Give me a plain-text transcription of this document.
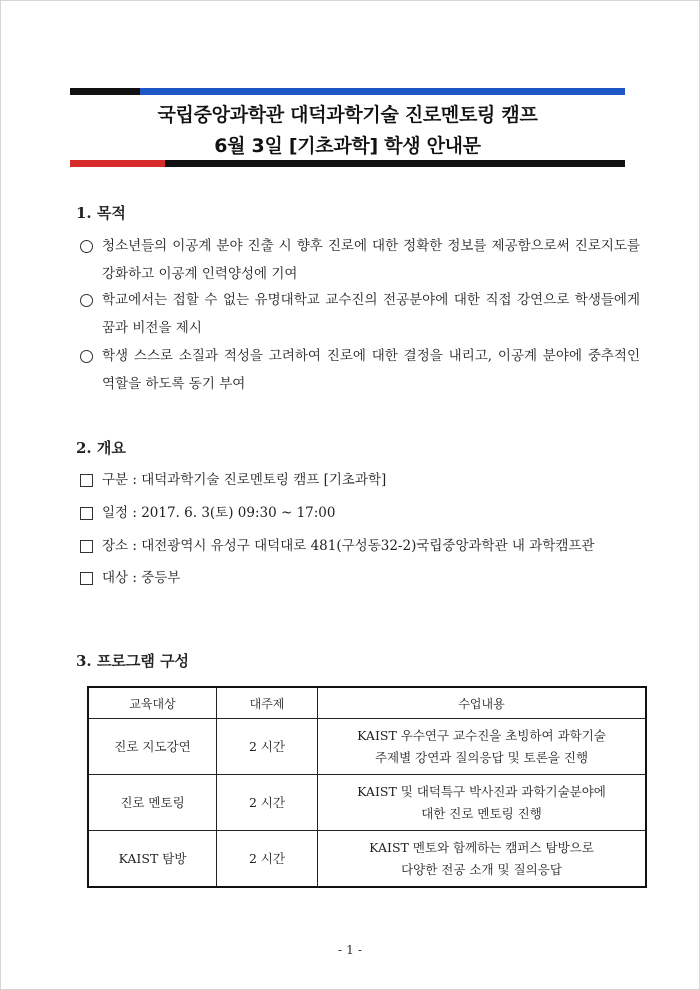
국립중앙과학관 대덕과학기술 진로멘토링 캠프
6월 3일 [기초과학] 학생 안내문
1. 목적
청소년들의 이공계 분야 진출 시 향후 진로에 대한 정확한 정보를 제공함으로써 진로지도를 강화하고 이공계 인력양성에 기여
학교에서는 접할 수 없는 유명대학교 교수진의 전공분야에 대한 직접 강연으로 학생들에게 꿈과 비전을 제시
학생 스스로 소질과 적성을 고려하여 진로에 대한 결정을 내리고, 이공계 분야에 중추적인 역할을 하도록 동기 부여
2. 개요
구분 : 대덕과학기술 진로멘토링 캠프 [기초과학]
일정 : 2017. 6. 3(토) 09:30 ~ 17:00
장소 : 대전광역시 유성구 대덕대로 481(구성동32-2)국립중앙과학관 내 과학캠프관
대상 : 중등부
3. 프로그램 구성
교육대상	대주제	수업내용
진로 지도강연	2 시간	KAIST 우수연구 교수진을 초빙하여 과학기술
주제별 강연과 질의응답 및 토론을 진행

진로 멘토링	2 시간	KAIST 및 대덕특구 박사진과 과학기술분야에
대한 진로 멘토링 진행

KAIST 탐방	2 시간	KAIST 멘토와 함께하는 캠퍼스 탐방으로
다양한 전공 소개 및 질의응답
- 1 -
